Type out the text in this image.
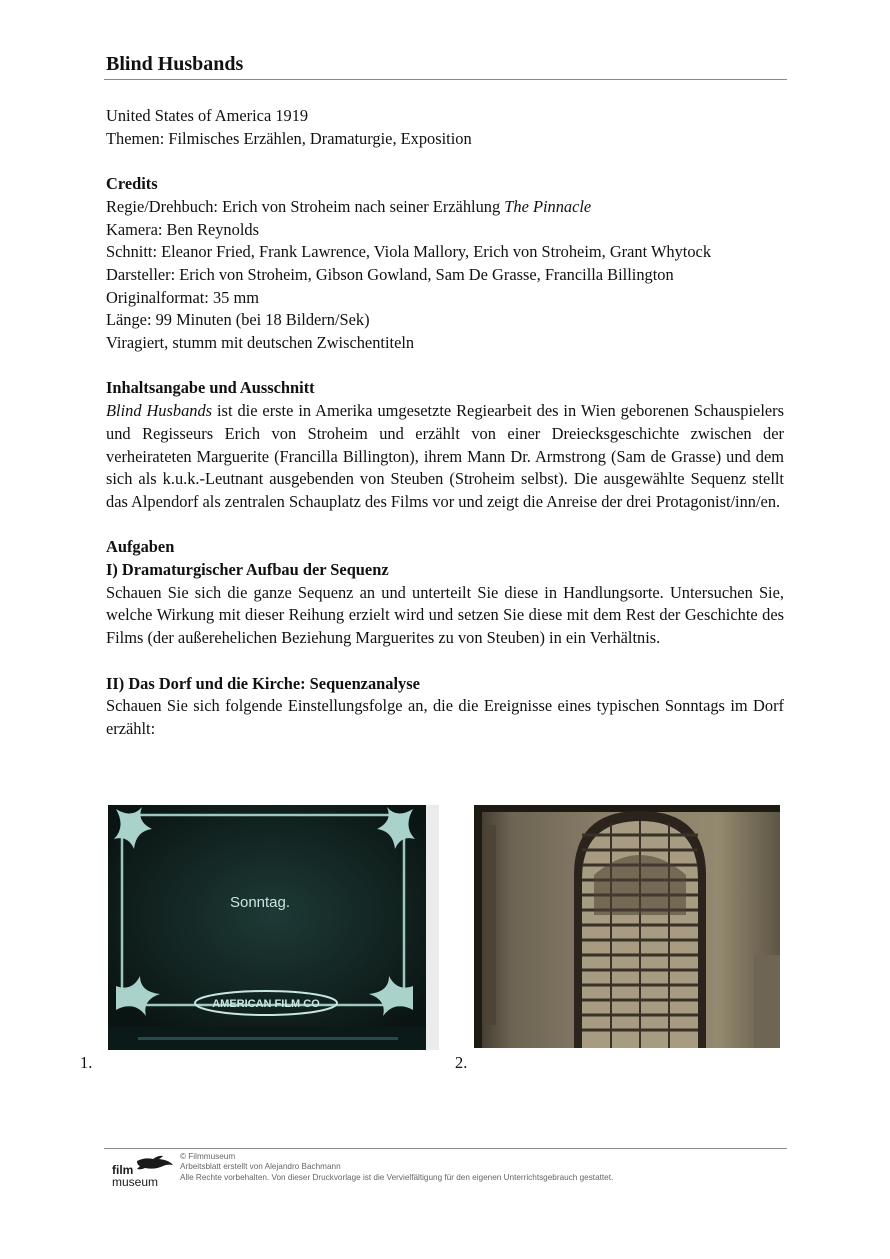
Blind Husbands

United States of America 1919

Themen: Filmisches Erzählen, Dramaturgie, Exposition

Credits

Regie/Drehbuch: Erich von Stroheim nach seiner Erzählung The Pinnacle

Kamera: Ben Reynolds

Schnitt: Eleanor Fried, Frank Lawrence, Viola Mallory, Erich von Stroheim, Grant Whytock

Darsteller: Erich von Stroheim, Gibson Gowland, Sam De Grasse, Francilla Billington

Originalformat: 35 mm

Länge: 99 Minuten (bei 18 Bildern/Sek)

Viragiert, stumm mit deutschen Zwischentiteln

Inhaltsangabe und Ausschnitt

Blind Husbands ist die erste in Amerika umgesetzte Regiearbeit des in Wien geborenen Schauspielers und Regisseurs Erich von Stroheim und erzählt von einer Dreiecksgeschichte zwischen der verheirateten Marguerite (Francilla Billington), ihrem Mann Dr. Armstrong (Sam de Grasse) und dem sich als k.u.k.-Leutnant ausgebenden von Steuben (Stroheim selbst). Die ausgewählte Sequenz stellt das Alpendorf als zentralen Schauplatz des Films vor und zeigt die Anreise der drei Protagonist/inn/en.

Aufgaben

I) Dramaturgischer Aufbau der Sequenz

Schauen Sie sich die ganze Sequenz an und unterteilt Sie diese in Handlungsorte. Untersuchen Sie, welche Wirkung mit dieser Reihung erzielt wird und setzen Sie diese mit dem Rest der Geschichte des Films (der außerehelichen Beziehung Marguerites zu von Steuben) in ein Verhältnis.

II) Das Dorf und die Kirche: Sequenzanalyse

Schauen Sie sich folgende Einstellungsfolge an, die die Ereignisse eines typischen Sonntags im Dorf erzählt:

Sonntag.
AMERICAN FILM CO
1.	2.
film
museum
© Filmmuseum
Arbeitsblatt erstellt von Alejandro Bachmann
Alle Rechte vorbehalten. Von dieser Druckvorlage ist die Vervielfältigung für den eigenen Unterrichtsgebrauch gestattet.
